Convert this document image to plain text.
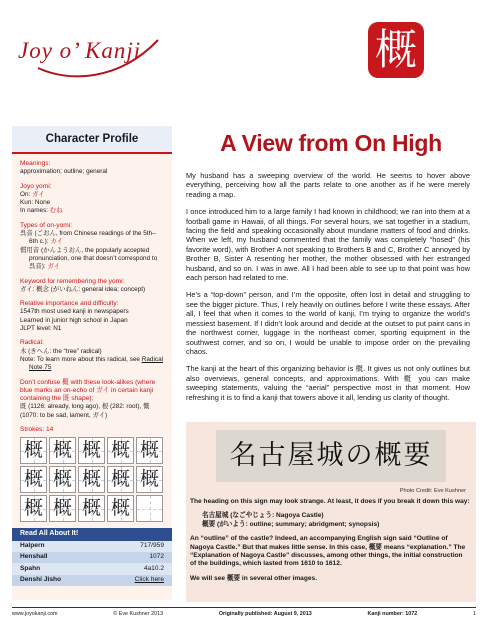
Joy o’ Kanji	概
Character Profile
Meanings:
approximation; outline; general
Joyo yomi:
On: ガイ
Kun: None
In names: むね
Types of on-yomi:
呉音 (ごおん, from Chinese readings of the 5th–6th c.): カイ
慣用音 (かんようおん, the popularly accepted pronunciation, one that doesn’t correspond to 呉音): ガイ
Keyword for remembering the yomi:
ガイ: 概念 (がいねん: general idea; concept)
Relative importance and difficulty:
1547th most used kanji in newspapers
Learned in junior high school in Japan
JLPT level: N1
Radical:
木 (きへん: the “tree” radical)
Note: To learn more about this radical, see Radical Note 75
Don’t confuse 概 with these look-alikes (where blue marks an on-echo of ガイ in certain kanji containing the 既 shape):
既 (1126: already, long ago), 根 (282: root), 慨 (1070: to be sad, lament, ガイ)
Strokes: 14
概 概 概 概 概
概 概 概 概 概
概 概 概 概
Read All About It!
Halpern	717/959
Henshall	1072
Spahn	4a10.2
Denshi Jisho	Click here
A View from On High

My husband has a sweeping overview of the world. He seems to hover above everything, perceiving how all the parts relate to one another as if he were merely reading a map.

I once introduced him to a large family I had known in childhood; we ran into them at a football game in Hawaii, of all things. For several hours, we sat together in a stadium, facing the field and speaking occasionally about mundane matters of food and drinks. When we left, my husband commented that the family was completely “hosed” (his favorite word), with Brother A not speaking to Brothers B and C, Brother C annoyed by Brother B, Sister A resenting her mother, the mother obsessed with her estranged husband, and so on. I was in awe. All I had been able to see up to that point was how each person had related to me.

He’s a “top-down” person, and I’m the opposite, often lost in detail and struggling to see the bigger picture. Thus, I rely heavily on outlines before I write these essays. After all, I feel that when it comes to the world of kanji, I’m trying to organize the world’s messiest basement. If I didn’t look around and decide at the outset to put paint cans in the northwest corner, luggage in the northeast corner, sporting equipment in the southwest corner, and so on, I would be unable to impose order on the prevailing chaos.

The kanji at the heart of this organizing behavior is 概. It gives us not only outlines but also overviews, general concepts, and approximations. With 概 you can make sweeping statements, valuing the “aerial” perspective most in that moment. How refreshing it is to find a kanji that towers above it all, lending us clarity of thought.

名古屋城の概要
Photo Credit: Eve Kushner

The heading on this sign may look strange. At least, it does if you break it down this way:

名古屋城 (なごやじょう: Nagoya Castle)

概要 (がいよう: outline; summary; abridgment; synopsis)

An “outline” of the castle? Indeed, an accompanying English sign said “Outline of Nagoya Castle.” But that makes little sense. In this case, 概要 means “explanation.” The “Explanation of Nagoya Castle” discusses, among other things, the initial construction of the buildings, which lasted from 1610 to 1612.

We will see 概要 in several other images.

www.joyokanji.com	© Eve Kushner 2013	Originally published: August 9, 2013	Kanji number: 1072	1
